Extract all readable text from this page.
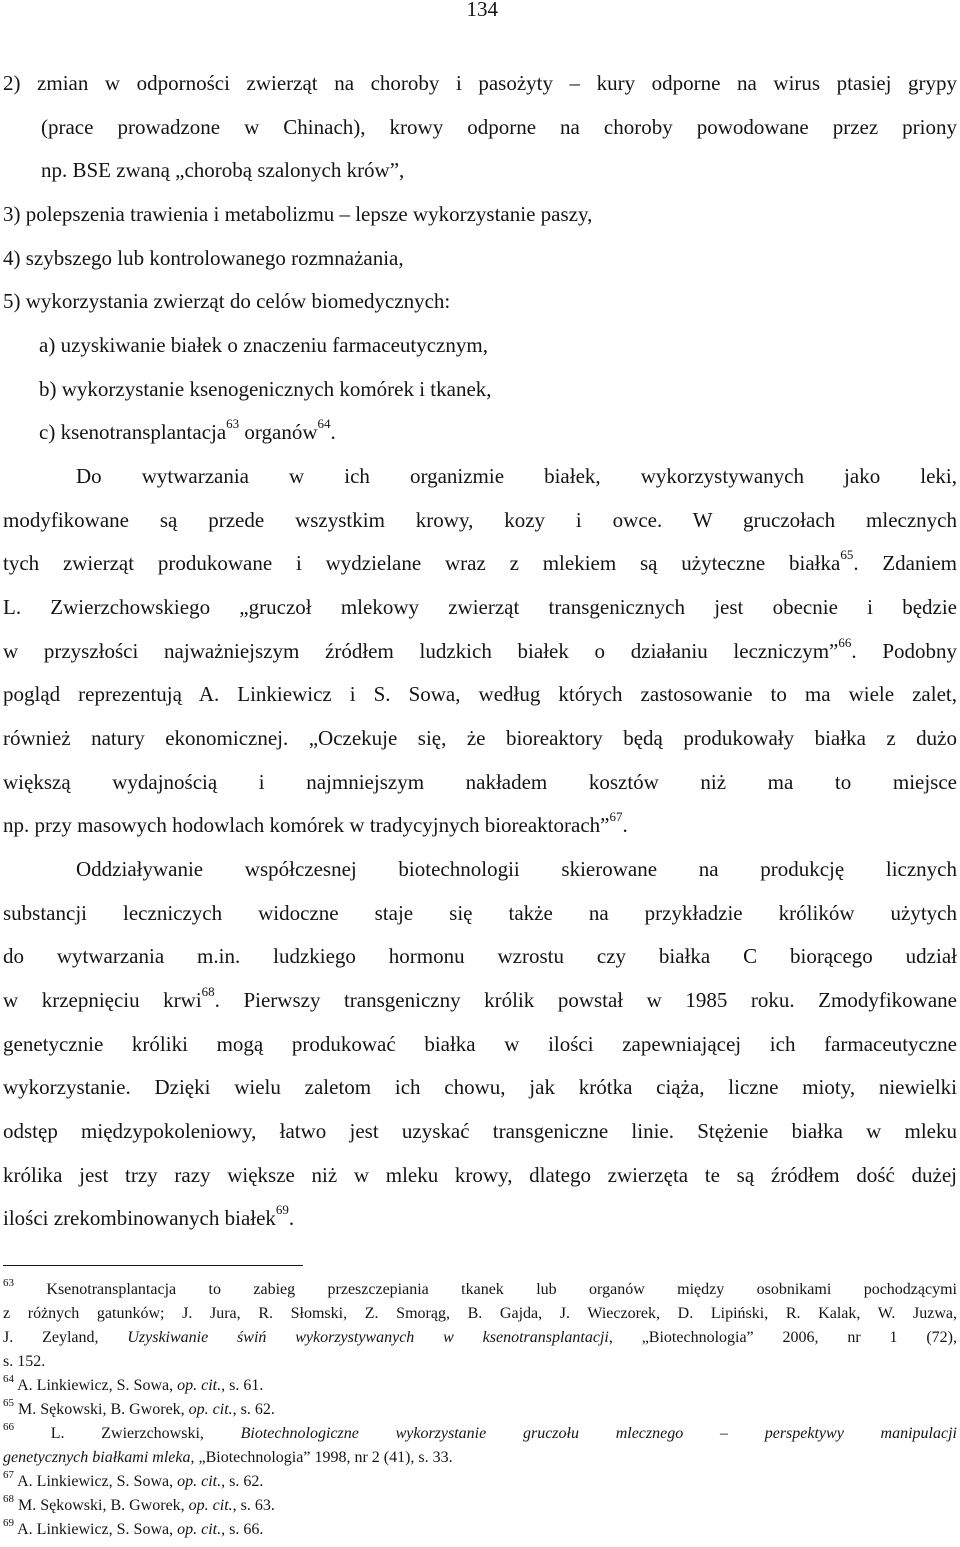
134
2) zmian w odporności zwierząt na choroby i pasożyty – kury odporne na wirus ptasiej grypy
(prace prowadzone w Chinach), krowy odporne na choroby powodowane przez priony
np. BSE zwaną „chorobą szalonych krów”,
3) polepszenia trawienia i metabolizmu – lepsze wykorzystanie paszy,
4) szybszego lub kontrolowanego rozmnażania,
5) wykorzystania zwierząt do celów biomedycznych:
a) uzyskiwanie białek o znaczeniu farmaceutycznym,
b) wykorzystanie ksenogenicznych komórek i tkanek,
c) ksenotransplantacja$^{63}$ organów$^{64}$.
Do wytwarzania w ich organizmie białek, wykorzystywanych jako leki,
modyfikowane są przede wszystkim krowy, kozy i owce. W gruczołach mlecznych
tych zwierząt produkowane i wydzielane wraz z mlekiem są użyteczne białka$^{65}$. Zdaniem
L. Zwierzchowskiego „gruczoł mlekowy zwierząt transgenicznych jest obecnie i będzie
w przyszłości najważniejszym źródłem ludzkich białek o działaniu leczniczym”$^{66}$. Podobny
pogląd reprezentują A. Linkiewicz i S. Sowa, według których zastosowanie to ma wiele zalet,
również natury ekonomicznej. „Oczekuje się, że bioreaktory będą produkowały białka z dużo
większą wydajnością i najmniejszym nakładem kosztów niż ma to miejsce
np. przy masowych hodowlach komórek w tradycyjnych bioreaktorach”$^{67}$.
Oddziaływanie współczesnej biotechnologii skierowane na produkcję licznych
substancji leczniczych widoczne staje się także na przykładzie królików użytych
do wytwarzania m.in. ludzkiego hormonu wzrostu czy białka C biorącego udział
w krzepnięciu krwi$^{68}$. Pierwszy transgeniczny królik powstał w 1985 roku. Zmodyfikowane
genetycznie króliki mogą produkować białka w ilości zapewniającej ich farmaceutyczne
wykorzystanie. Dzięki wielu zaletom ich chowu, jak krótka ciąża, liczne mioty, niewielki
odstęp międzypokoleniowy, łatwo jest uzyskać transgeniczne linie. Stężenie białka w mleku
królika jest trzy razy większe niż w mleku krowy, dlatego zwierzęta te są źródłem dość dużej
ilości zrekombinowanych białek$^{69}$.
$^{63}$ Ksenotransplantacja to zabieg przeszczepiania tkanek lub organów między osobnikami pochodzącymi
z różnych gatunków; J. Jura, R. Słomski, Z. Smorąg, B. Gajda, J. Wieczorek, D. Lipiński, R. Kalak, W. Juzwa,
J. Zeyland, Uzyskiwanie świń wykorzystywanych w ksenotransplantacji, „Biotechnologia” 2006, nr 1 (72),
s. 152.
$^{64}$ A. Linkiewicz, S. Sowa, op. cit., s. 61.
$^{65}$ M. Sękowski, B. Gworek, op. cit., s. 62.
$^{66}$ L. Zwierzchowski, Biotechnologiczne wykorzystanie gruczołu mlecznego – perspektywy manipulacji
genetycznych białkami mleka, „Biotechnologia” 1998, nr 2 (41), s. 33.
$^{67}$ A. Linkiewicz, S. Sowa, op. cit., s. 62.
$^{68}$ M. Sękowski, B. Gworek, op. cit., s. 63.
$^{69}$ A. Linkiewicz, S. Sowa, op. cit., s. 66.
